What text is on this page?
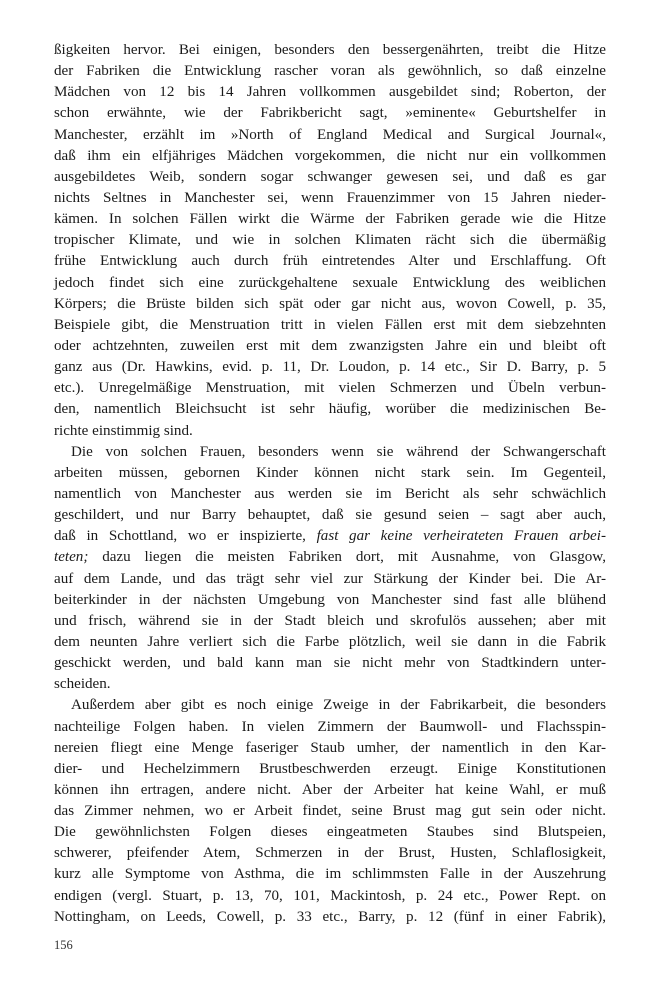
ßigkeiten hervor. Bei einigen, besonders den bessergenährten, treibt die Hitze
der Fabriken die Entwicklung rascher voran als gewöhnlich, so daß einzelne
Mädchen von 12 bis 14 Jahren vollkommen ausgebildet sind; Roberton, der
schon erwähnte, wie der Fabrikbericht sagt, »eminente« Geburtshelfer in
Manchester, erzählt im »North of England Medical and Surgical Journal«,
daß ihm ein elfjähriges Mädchen vorgekommen, die nicht nur ein vollkommen
ausgebildetes Weib, sondern sogar schwanger gewesen sei, und daß es gar
nichts Seltnes in Manchester sei, wenn Frauenzimmer von 15 Jahren nieder-
kämen. In solchen Fällen wirkt die Wärme der Fabriken gerade wie die Hitze
tropischer Klimate, und wie in solchen Klimaten rächt sich die übermäßig
frühe Entwicklung auch durch früh eintretendes Alter und Erschlaffung. Oft
jedoch findet sich eine zurückgehaltene sexuale Entwicklung des weiblichen
Körpers; die Brüste bilden sich spät oder gar nicht aus, wovon Cowell, p. 35,
Beispiele gibt, die Menstruation tritt in vielen Fällen erst mit dem siebzehnten
oder achtzehnten, zuweilen erst mit dem zwanzigsten Jahre ein und bleibt oft
ganz aus (Dr. Hawkins, evid. p. 11, Dr. Loudon, p. 14 etc., Sir D. Barry, p. 5
etc.). Unregelmäßige Menstruation, mit vielen Schmerzen und Übeln verbun-
den, namentlich Bleichsucht ist sehr häufig, worüber die medizinischen Be-
richte einstimmig sind.
Die von solchen Frauen, besonders wenn sie während der Schwangerschaft
arbeiten müssen, gebornen Kinder können nicht stark sein. Im Gegenteil,
namentlich von Manchester aus werden sie im Bericht als sehr schwächlich
geschildert, und nur Barry behauptet, daß sie gesund seien – sagt aber auch,
daß in Schottland, wo er inspizierte, fast gar keine verheirateten Frauen arbei-
teten; dazu liegen die meisten Fabriken dort, mit Ausnahme, von Glasgow,
auf dem Lande, und das trägt sehr viel zur Stärkung der Kinder bei. Die Ar-
beiterkinder in der nächsten Umgebung von Manchester sind fast alle blühend
und frisch, während sie in der Stadt bleich und skrofulös aussehen; aber mit
dem neunten Jahre verliert sich die Farbe plötzlich, weil sie dann in die Fabrik
geschickt werden, und bald kann man sie nicht mehr von Stadtkindern unter-
scheiden.
Außerdem aber gibt es noch einige Zweige in der Fabrikarbeit, die besonders
nachteilige Folgen haben. In vielen Zimmern der Baumwoll- und Flachsspin-
nereien fliegt eine Menge faseriger Staub umher, der namentlich in den Kar-
dier- und Hechelzimmern Brustbeschwerden erzeugt. Einige Konstitutionen
können ihn ertragen, andere nicht. Aber der Arbeiter hat keine Wahl, er muß
das Zimmer nehmen, wo er Arbeit findet, seine Brust mag gut sein oder nicht.
Die gewöhnlichsten Folgen dieses eingeatmeten Staubes sind Blutspeien,
schwerer, pfeifender Atem, Schmerzen in der Brust, Husten, Schlaflosigkeit,
kurz alle Symptome von Asthma, die im schlimmsten Falle in der Auszehrung
endigen (vergl. Stuart, p. 13, 70, 101, Mackintosh, p. 24 etc., Power Rept. on
Nottingham, on Leeds, Cowell, p. 33 etc., Barry, p. 12 (fünf in einer Fabrik),
156
